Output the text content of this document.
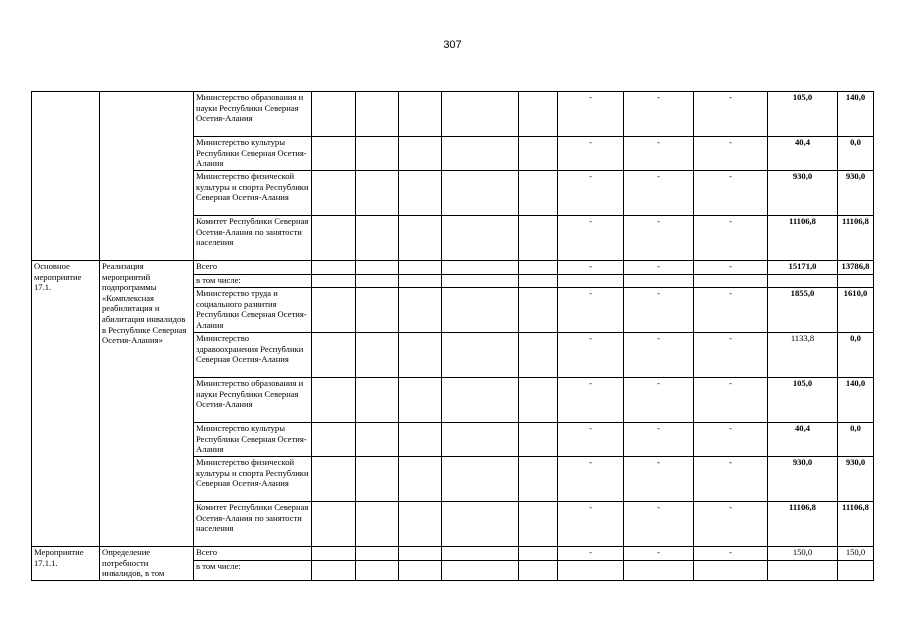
307
		Министерство образования и науки Республики Северная Осетия-Алания						-	-	-	105,0	140,0
		Министерство культуры Республики Северная Осетия-Алания						-	-	-	40,4	0,0
		Министерство физической культуры и спорта Республики Северная Осетия-Алания						-	-	-	930,0	930,0
		Комитет Республики Северная Осетия-Алания по занятости населения						-	-	-	11106,8	11106,8
Основное мероприятие 17.1.	Реализация мероприятий подпрограммы «Комплексная реабилитация и абилитация инвалидов в Республике Северная Осетия-Алания»	Всего						-	-	-	15171,0	13786,8
		в том числе:										
		Министерство труда и социального развития Республики Северная Осетия-Алания						-	-	-	1855,0	1610,0
		Министерство здравоохранения Республики Северная Осетия-Алания						-	-	-	1133,8	0,0
		Министерство образования и науки Республики Северная Осетия-Алания						-	-	-	105,0	140,0
		Министерство культуры Республики Северная Осетия-Алания						-	-	-	40,4	0,0
		Министерство физической культуры и спорта Республики Северная Осетия-Алания						-	-	-	930,0	930,0
		Комитет Республики Северная Осетия-Алания по занятости населения						-	-	-	11106,8	11106,8
Мероприятие 17.1.1.	Определение потребности инвалидов, в том	Всего						-	-	-	150,0	150,0
		в том числе:										
